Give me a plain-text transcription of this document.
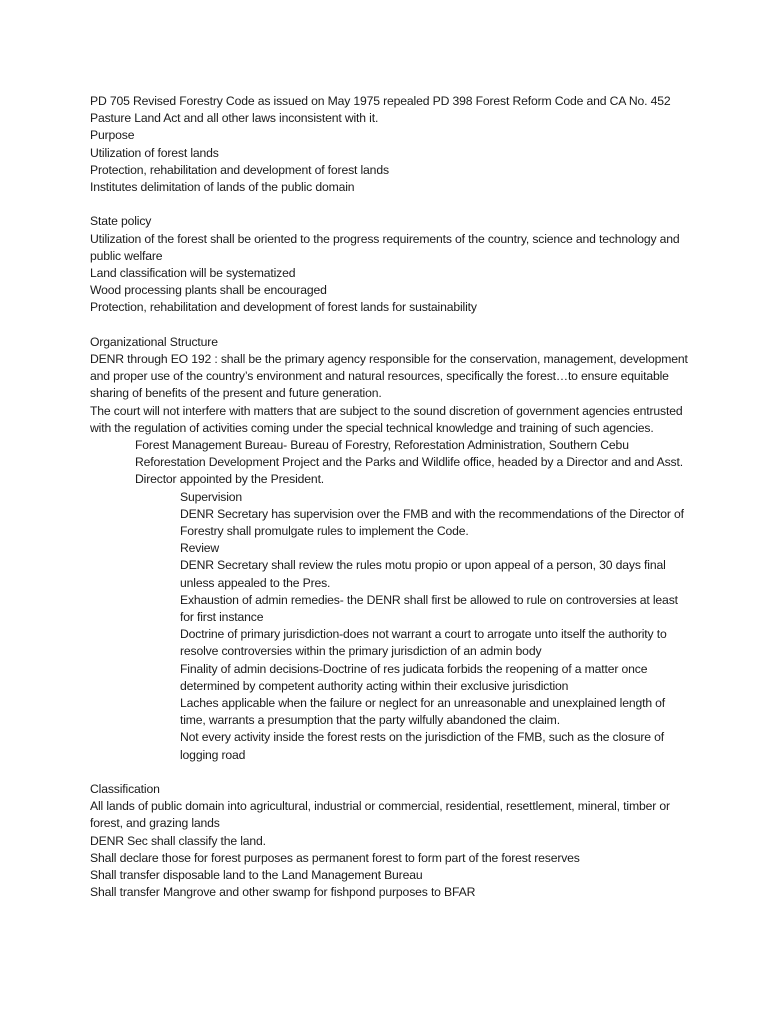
PD 705 Revised Forestry Code as issued on May 1975 repealed PD 398 Forest Reform Code and CA No. 452 Pasture Land Act and all other laws inconsistent with it.
Purpose
Utilization of forest lands
Protection, rehabilitation and development of forest lands
Institutes delimitation of lands of the public domain
State policy
Utilization of the forest shall be oriented to the progress requirements of the country, science and technology and public welfare
Land classification will be systematized
Wood processing plants shall be encouraged
Protection, rehabilitation and development of forest lands for sustainability
Organizational Structure
DENR through EO 192 : shall be the primary agency responsible for the conservation, management, development and proper use of the country’s environment and natural resources, specifically the forest…to ensure equitable sharing of benefits of the present and future generation.
The court will not interfere with matters that are subject to the sound discretion of government agencies entrusted with the regulation of activities coming under the special technical knowledge and training of such agencies.
Forest Management Bureau- Bureau of Forestry, Reforestation Administration, Southern Cebu Reforestation Development Project and the Parks and Wildlife office, headed by a Director and and Asst. Director appointed by the President.
Supervision
DENR Secretary has supervision over the FMB and with the recommendations of the Director of Forestry shall promulgate rules to implement the Code.
Review
DENR Secretary shall review the rules motu propio or upon appeal of a person, 30 days final unless appealed to the Pres.
Exhaustion of admin remedies- the DENR shall first be allowed to rule on controversies at least for first instance
Doctrine of primary jurisdiction-does not warrant a court to arrogate unto itself the authority to resolve controversies within the primary jurisdiction of an admin body
Finality of admin decisions-Doctrine of res judicata forbids the reopening of a matter once determined by competent authority acting within their exclusive jurisdiction
Laches applicable when the failure or neglect for an unreasonable and unexplained length of time, warrants a presumption that the party wilfully abandoned the claim.
Not every activity inside the forest rests on the jurisdiction of the FMB, such as the closure of logging road
Classification
All lands of public domain into agricultural, industrial or commercial, residential, resettlement, mineral, timber or forest, and grazing lands
DENR Sec shall classify the land.
Shall declare those for forest purposes as permanent forest to form part of the forest reserves
Shall transfer disposable land to the Land Management Bureau
Shall transfer Mangrove and other swamp for fishpond purposes to BFAR
